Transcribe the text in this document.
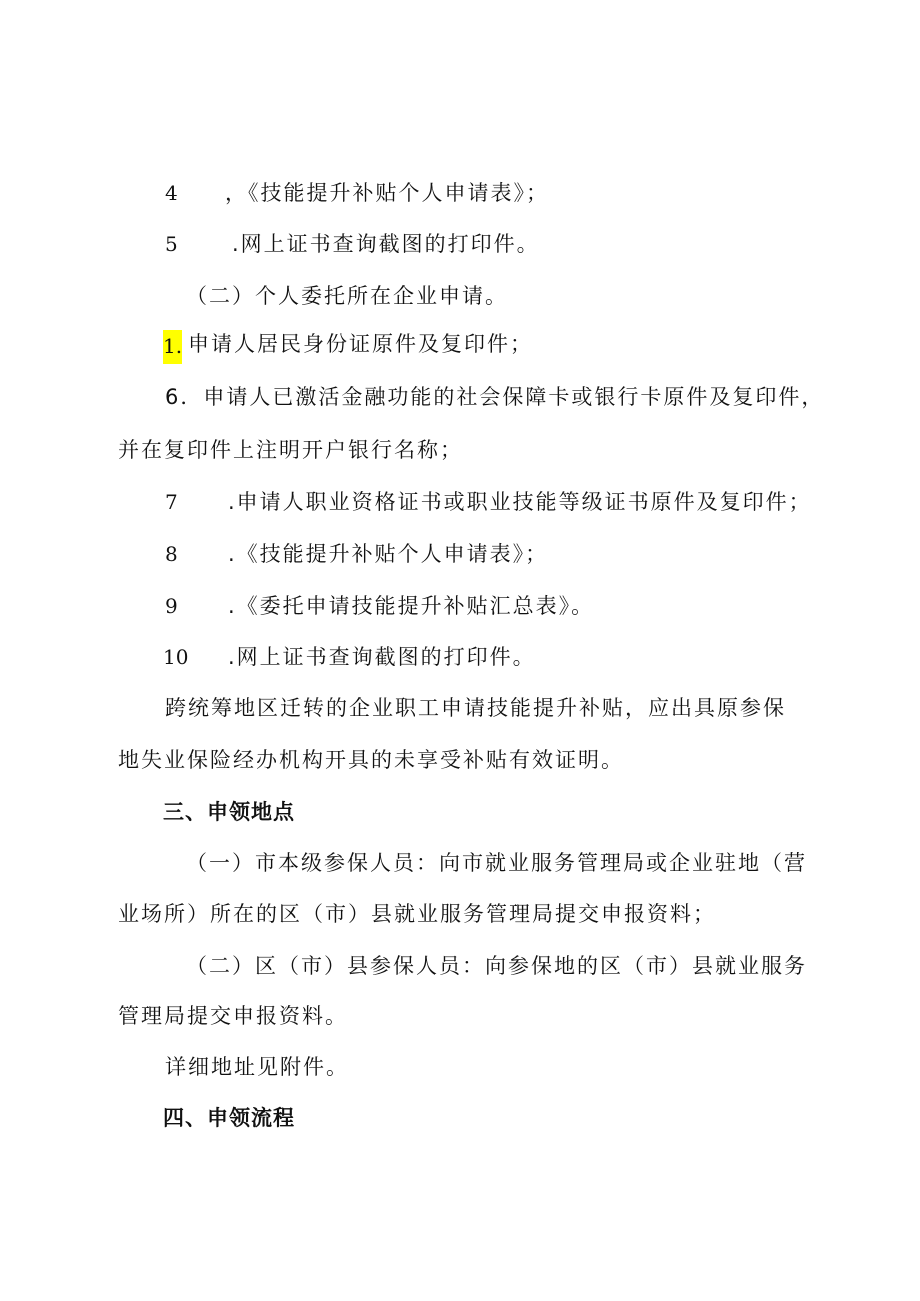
4 ，《技能提升补贴个人申请表》；
5	.网上证书查询截图的打印件。
（二）个人委托所在企业申请。
1. 申请人居民身份证原件及复印件；
6．申请人已激活金融功能的社会保障卡或银行卡原件及复印件，
并在复印件上注明开户银行名称；
7 .申请人职业资格证书或职业技能等级证书原件及复印件；
8 .《技能提升补贴个人申请表》；
9 .《委托申请技能提升补贴汇总表》。
10 .网上证书查询截图的打印件。
跨统筹地区迁转的企业职工申请技能提升补贴，应出具原参保
地失业保险经办机构开具的未享受补贴有效证明。
三、申领地点
（一）市本级参保人员：向市就业服务管理局或企业驻地（营
业场所）所在的区（市）县就业服务管理局提交申报资料；
（二）区（市）县参保人员：向参保地的区（市）县就业服务
管理局提交申报资料。
详细地址见附件。
四、申领流程
